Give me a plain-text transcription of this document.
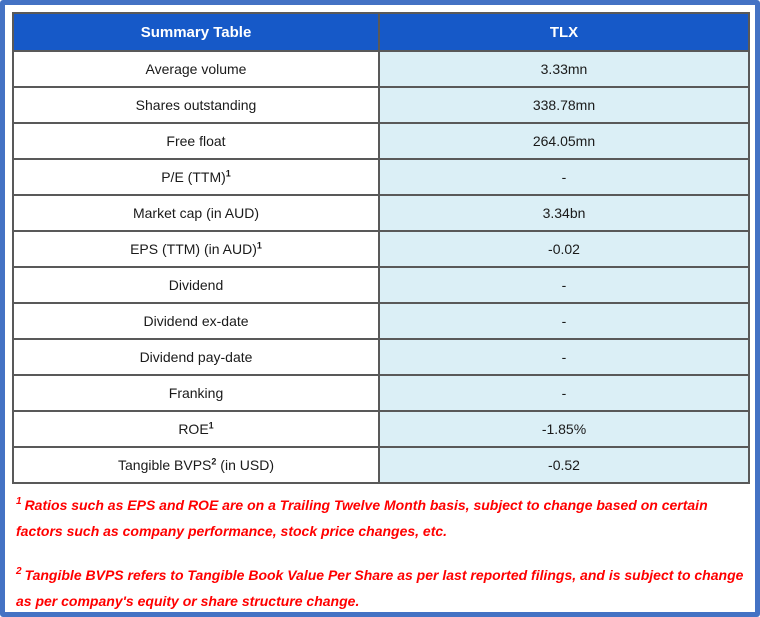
Summary Table	TLX
Average volume	3.33mn
Shares outstanding	338.78mn
Free float	264.05mn
P/E (TTM)$^1$	-
Market cap (in AUD)	3.34bn
EPS (TTM) (in AUD)$^1$	-0.02
Dividend	-
Dividend ex-date	-
Dividend pay-date	-
Franking	-
ROE$^1$	-1.85%
Tangible BVPS$^2$ (in USD)	-0.52

$^1$ Ratios such as EPS and ROE are on a Trailing Twelve Month basis, subject to change based on certain factors such as company performance, stock price changes, etc.

$^2$ Tangible BVPS refers to Tangible Book Value Per Share as per last reported filings, and is subject to change as per company's equity or share structure change.
